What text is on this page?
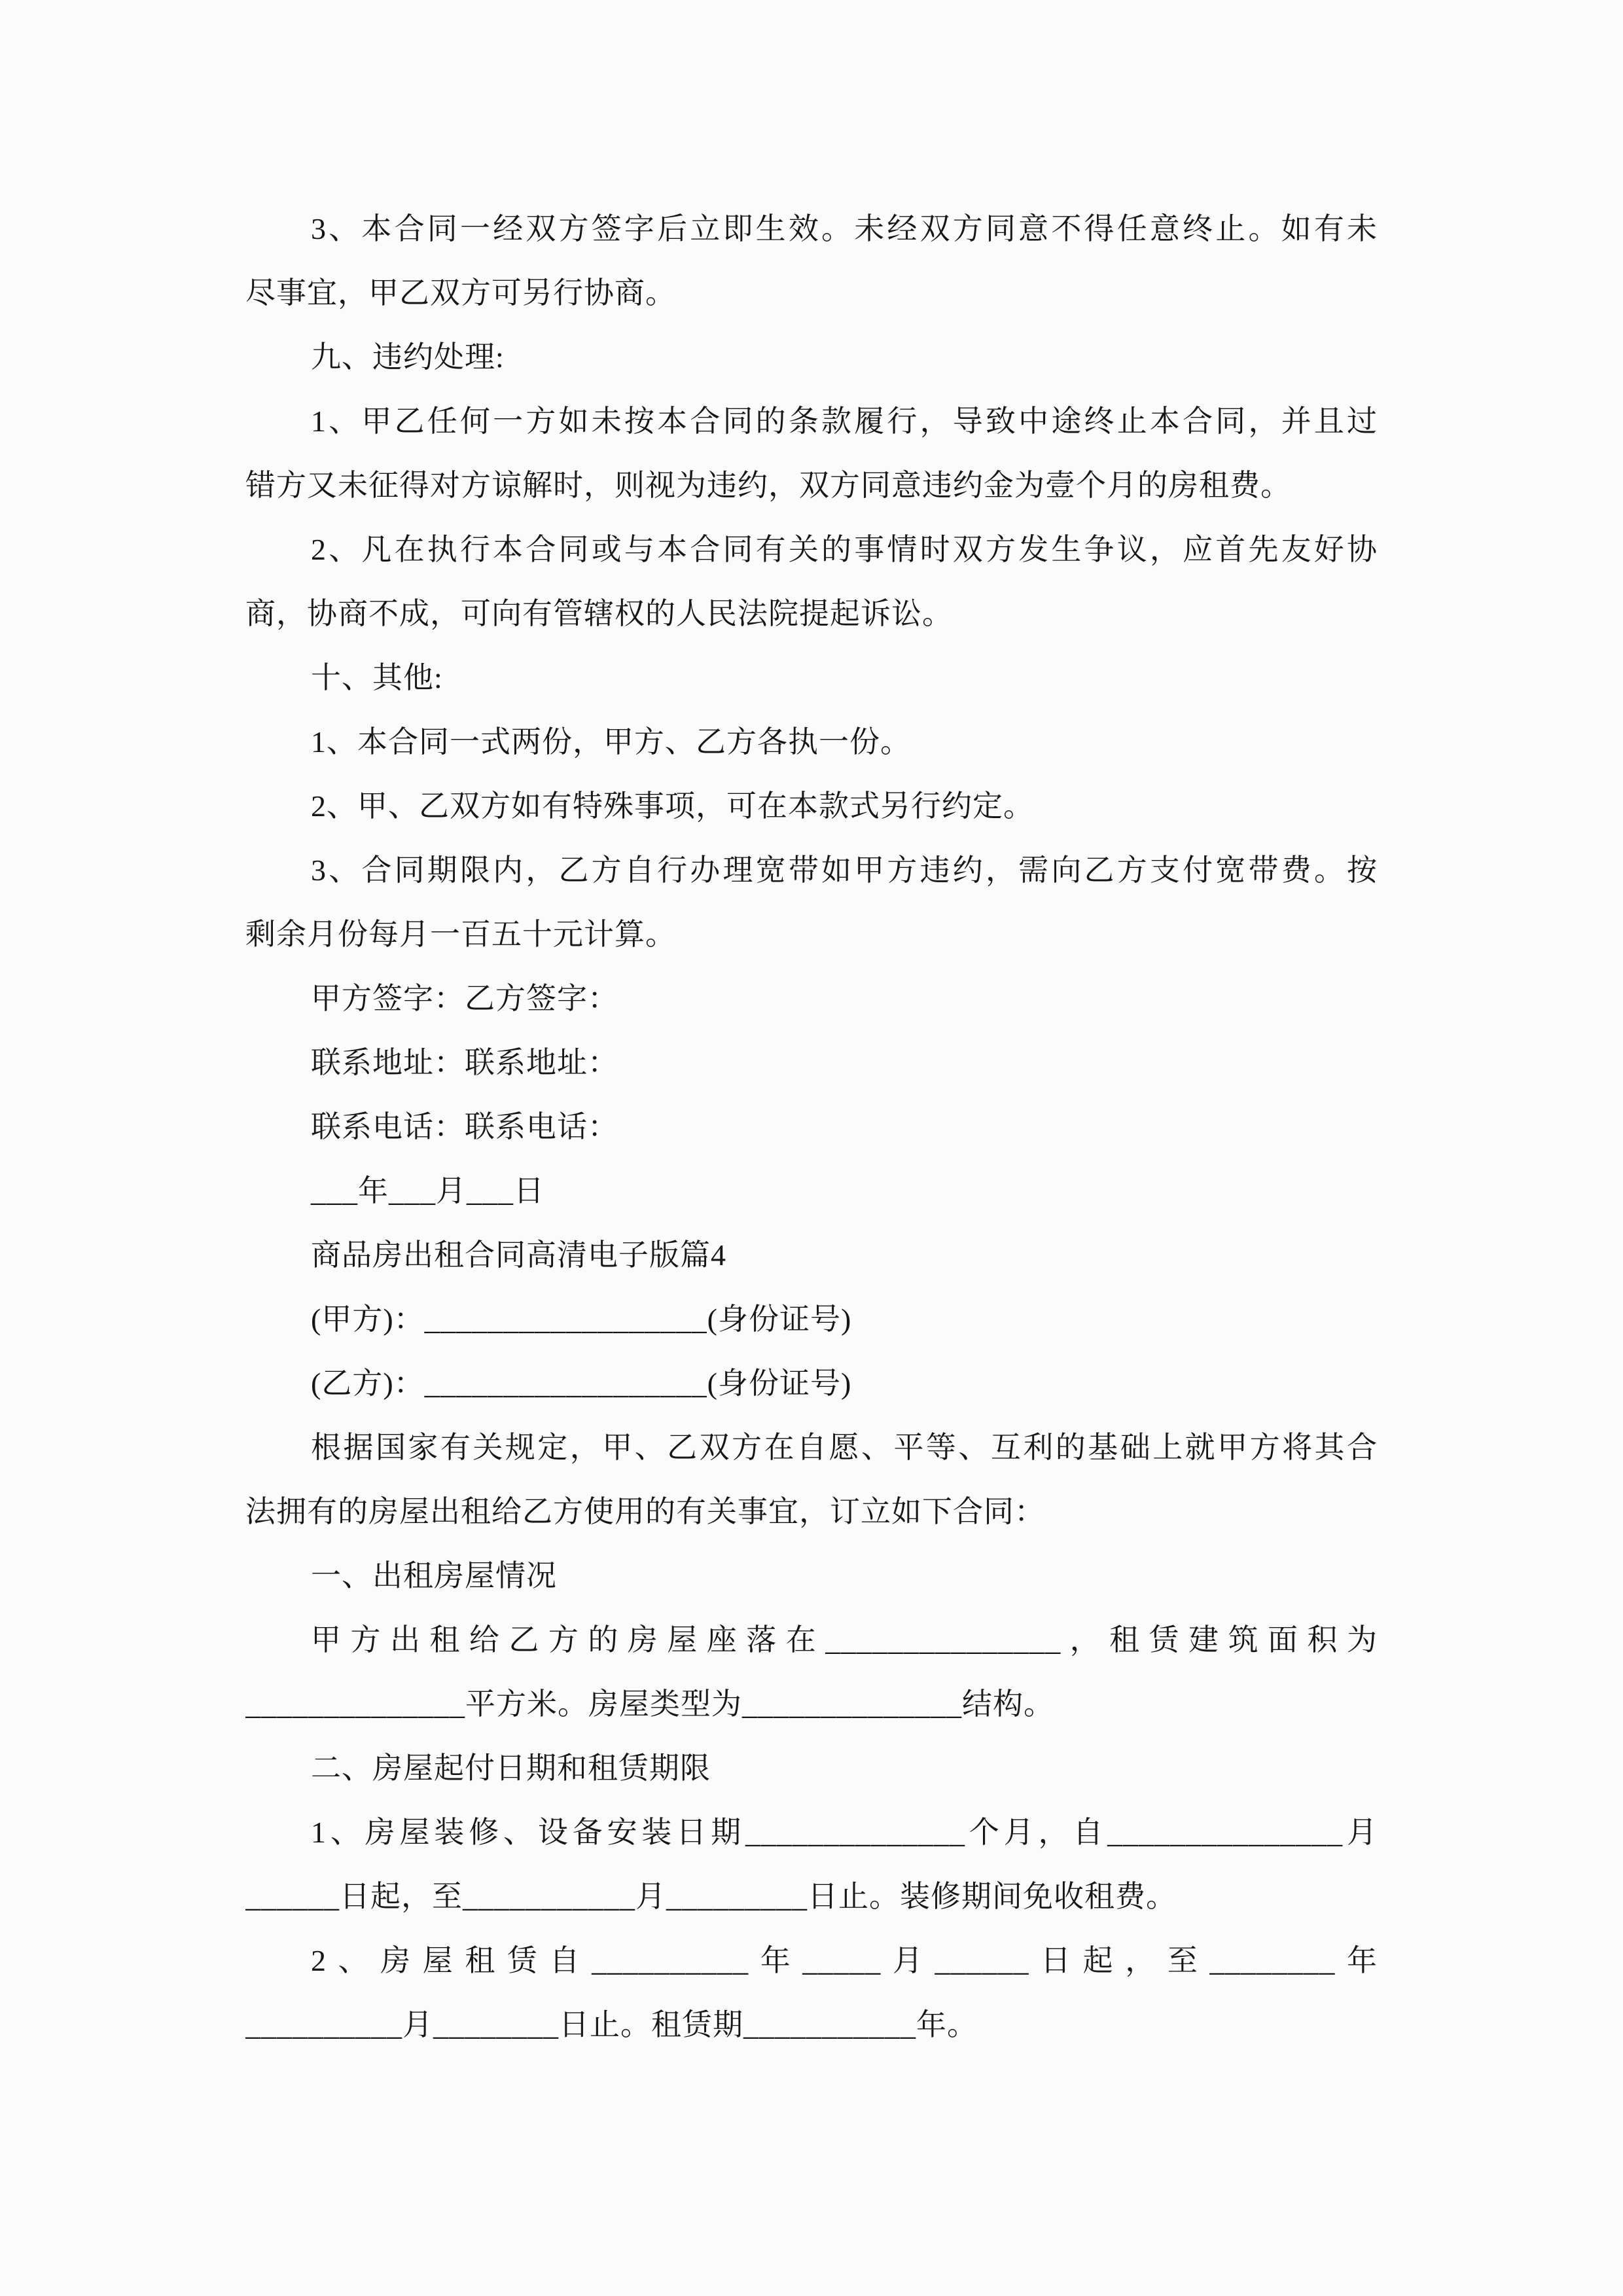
3、本合同一经双方签字后立即生效。未经双方同意不得任意终止。如有未

尽事宜，甲乙双方可另行协商。

九、违约处理:

1、甲乙任何一方如未按本合同的条款履行，导致中途终止本合同，并且过

错方又未征得对方谅解时，则视为违约，双方同意违约金为壹个月的房租费。

2、凡在执行本合同或与本合同有关的事情时双方发生争议，应首先友好协

商，协商不成，可向有管辖权的人民法院提起诉讼。

十、其他:

1、本合同一式两份，甲方、乙方各执一份。

2、甲、乙双方如有特殊事项，可在本款式另行约定。

3、合同期限内，乙方自行办理宽带如甲方违约，需向乙方支付宽带费。按

剩余月份每月一百五十元计算。

甲方签字：乙方签字：

联系地址：联系地址：

联系电话：联系电话：

___年___月___日

商品房出租合同高清电子版篇4

(甲方)：__________________(身份证号)

(乙方)：__________________(身份证号)

根据国家有关规定，甲、乙双方在自愿、平等、互利的基础上就甲方将其合

法拥有的房屋出租给乙方使用的有关事宜，订立如下合同：

一、出租房屋情况

甲方出租给乙方的房屋座落在_______________，租赁建筑面积为

______________平方米。房屋类型为______________结构。

二、房屋起付日期和租赁期限

1、房屋装修、设备安装日期______________个月，自_______________月

______日起，至___________月_________日止。装修期间免收租费。

2、房屋租赁自__________年_____月______日起，至________年

__________月________日止。租赁期___________年。
